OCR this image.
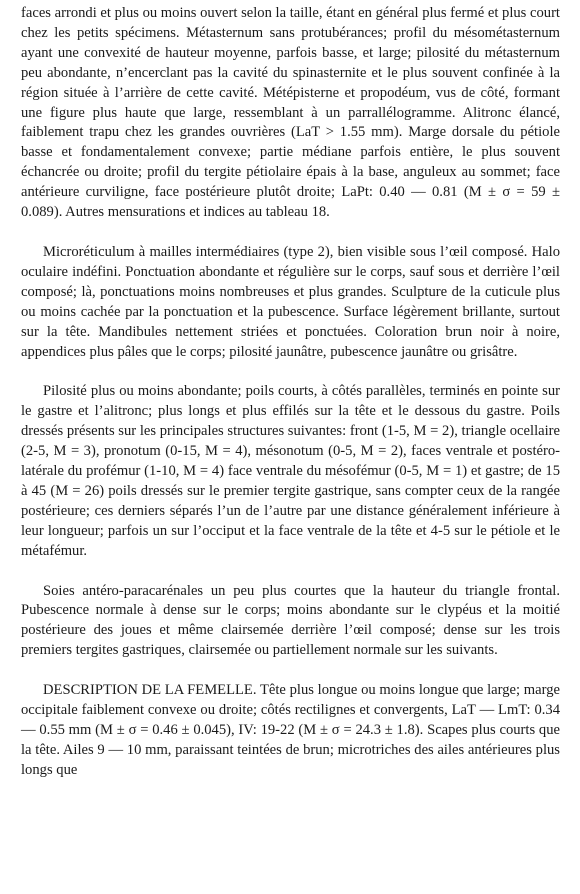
faces arrondi et plus ou moins ouvert selon la taille, étant en général plus fermé et plus court chez les petits spécimens. Métasternum sans protubérances; profil du mésométasternum ayant une convexité de hauteur moyenne, parfois basse, et large; pilosité du métasternum peu abondante, n’encerclant pas la cavité du spinasternite et le plus souvent confinée à la région située à l’arrière de cette cavité. Métépisterne et propodéum, vus de côté, formant une figure plus haute que large, ressemblant à un parrallélogramme. Alitronc élancé, faiblement trapu chez les grandes ouvrières (LaT > 1.55 mm). Marge dorsale du pétiole basse et fondamentalement convexe; partie médiane parfois entière, le plus souvent échancrée ou droite; profil du tergite pétiolaire épais à la base, anguleux au sommet; face antérieure curviligne, face postérieure plutôt droite; LaPt: 0.40 — 0.81 (M ± σ = 59 ± 0.089). Autres mensurations et indices au tableau 18.

Microréticulum à mailles intermédiaires (type 2), bien visible sous l’œil composé. Halo oculaire indéfini. Ponctuation abondante et régulière sur le corps, sauf sous et derrière l’œil composé; là, ponctuations moins nombreuses et plus grandes. Sculpture de la cuticule plus ou moins cachée par la ponctuation et la pubescence. Surface légèrement brillante, surtout sur la tête. Mandibules nettement striées et ponctuées. Coloration brun noir à noire, appendices plus pâles que le corps; pilosité jaunâtre, pubescence jaunâtre ou grisâtre.

Pilosité plus ou moins abondante; poils courts, à côtés parallèles, terminés en pointe sur le gastre et l’alitronc; plus longs et plus effilés sur la tête et le dessous du gastre. Poils dressés présents sur les principales structures suivantes: front (1-5, M = 2), triangle ocellaire (2-5, M = 3), pronotum (0-15, M = 4), mésonotum (0-5, M = 2), faces ventrale et postéro-latérale du profémur (1-10, M = 4) face ventrale du mésofémur (0-5, M = 1) et gastre; de 15 à 45 (M = 26) poils dressés sur le premier tergite gastrique, sans compter ceux de la rangée postérieure; ces derniers séparés l’un de l’autre par une distance généralement inférieure à leur longueur; parfois un sur l’occiput et la face ventrale de la tête et 4-5 sur le pétiole et le métafémur.

Soies antéro-paracarénales un peu plus courtes que la hauteur du triangle frontal. Pubescence normale à dense sur le corps; moins abondante sur le clypéus et la moitié postérieure des joues et même clairsemée derrière l’œil composé; dense sur les trois premiers tergites gastriques, clairsemée ou partiellement normale sur les suivants.

DESCRIPTION DE LA FEMELLE. Tête plus longue ou moins longue que large; marge occipitale faiblement convexe ou droite; côtés rectilignes et convergents, LaT — LmT: 0.34 — 0.55 mm (M ± σ = 0.46 ± 0.045), IV: 19-22 (M ± σ = 24.3 ± 1.8). Scapes plus courts que la tête. Ailes 9 — 10 mm, paraissant teintées de brun; microtriches des ailes antérieures plus longs que
